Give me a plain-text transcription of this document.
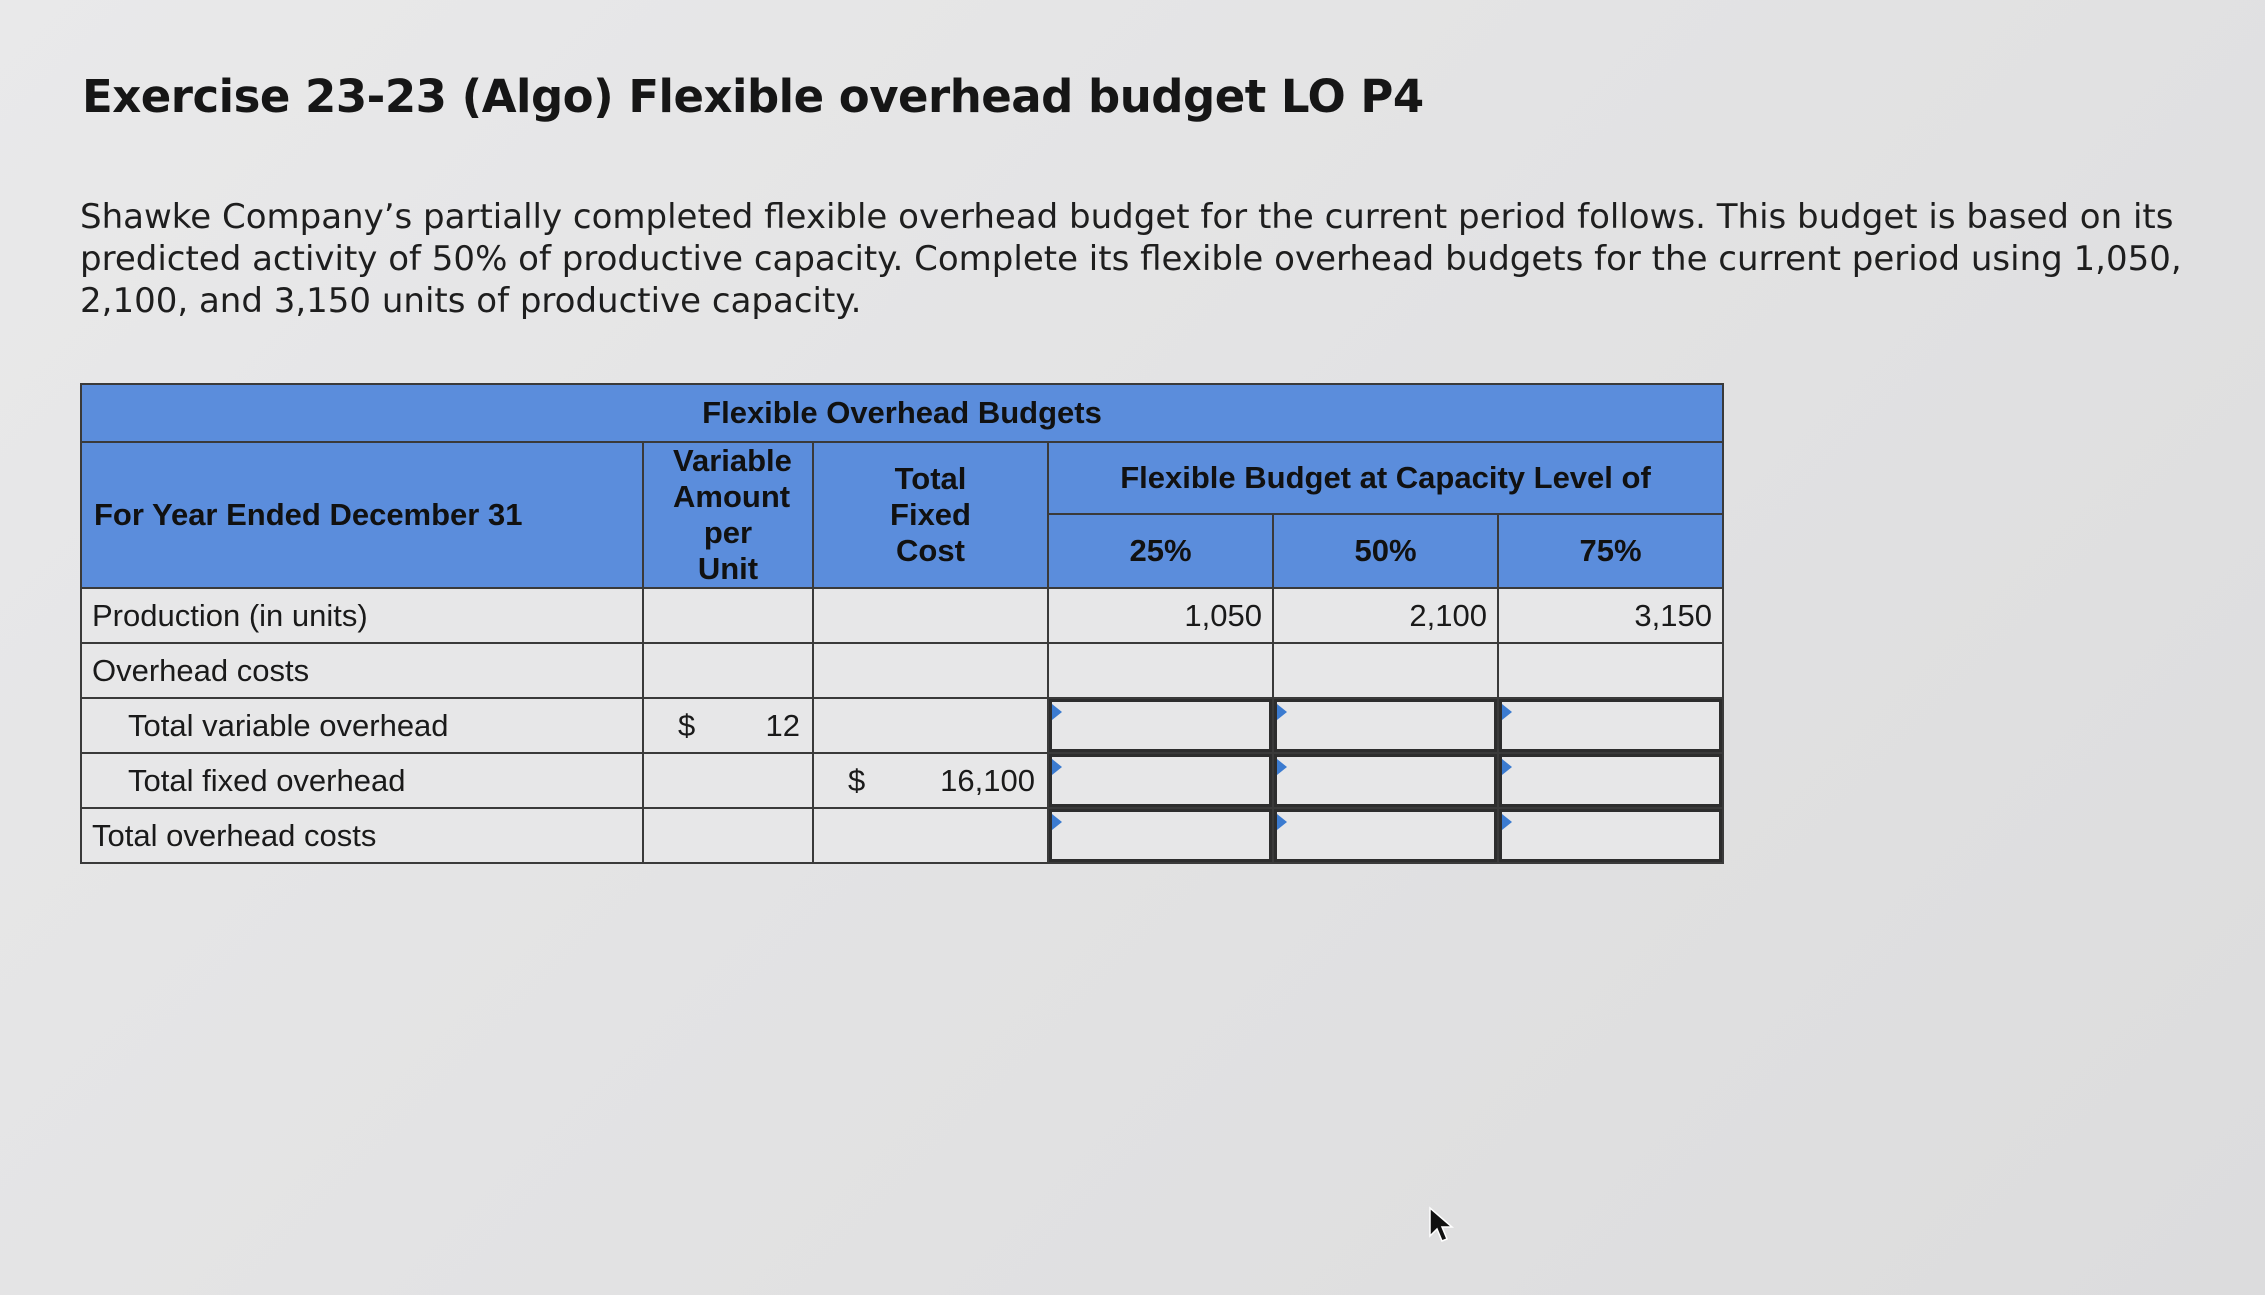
Exercise 23-23 (Algo) Flexible overhead budget LO P4
Shawke Company’s partially completed flexible overhead budget for the current period follows. This budget is based on its predicted activity of 50% of productive capacity. Complete its flexible overhead budgets for the current period using 1,050, 2,100, and 3,150 units of productive capacity.
Flexible Overhead Budgets					
For Year Ended December 31	Variable Amount per Unit	Total Fixed Cost	Flexible Budget at Capacity Level of		
			25%	50%	75%
Production (in units)			1,050	2,100	3,150
Overhead costs					
Total variable overhead	$ 12				

Total fixed overhead		$ 16,100			

Total overhead costs			
